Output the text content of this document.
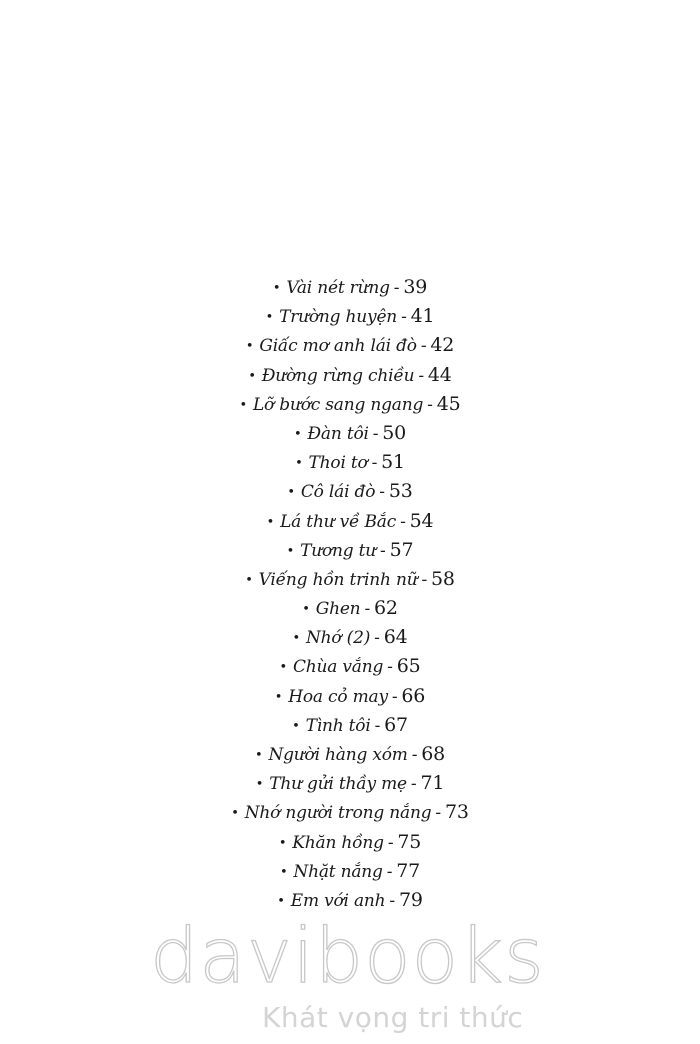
• Vài nét rừng - 39
• Trường huyện - 41
• Giấc mơ anh lái đò - 42
• Đường rừng chiều - 44
• Lỡ bước sang ngang - 45
• Đàn tôi - 50
• Thoi tơ - 51
• Cô lái đò - 53
• Lá thư về Bắc - 54
• Tương tư - 57
• Viếng hồn trinh nữ - 58
• Ghen - 62
• Nhớ (2) - 64
• Chùa vắng - 65
• Hoa cỏ may - 66
• Tình tôi - 67
• Người hàng xóm - 68
• Thư gửi thầy mẹ - 71
• Nhớ người trong nắng - 73
• Khăn hồng - 75
• Nhặt nắng - 77
• Em với anh - 79
davibooks
Khát vọng tri thức
